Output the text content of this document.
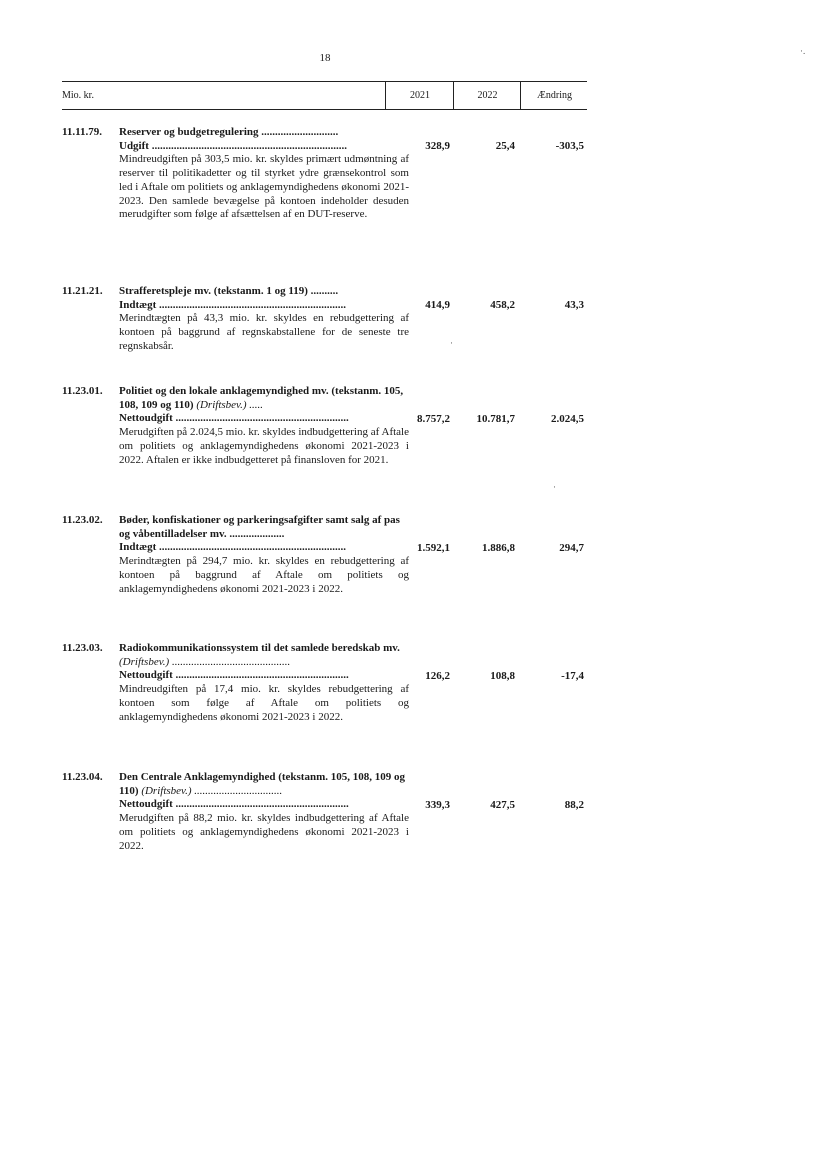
18
·.
·
·
Mio. kr.	2021	2022	Ændring
11.11.79. Reserver og budgetregulering ............................
Udgift .......................................................................
Mindreudgiften på 303,5 mio. kr. skyldes primært udmøntning af reserver til politikadetter og til styrket ydre grænsekontrol som led i Aftale om politiets og anklagemyndighedens økonomi 2021-2023. Den samlede bevægelse på kontoen indeholder desuden merudgifter som følge af afsættelsen af en DUT-reserve.
328,9	25,4	-303,5
11.21.21. Strafferetspleje mv. (tekstanm. 1 og 119) ..........
Indtægt ....................................................................
Merindtægten på 43,3 mio. kr. skyldes en rebudgettering af kontoen på baggrund af regnskabstallene for de seneste tre regnskabsår.
414,9	458,2	43,3
11.23.01. Politiet og den lokale anklagemyndighed mv. (tekstanm. 105, 108, 109 og 110) (Driftsbev.) .....
Nettoudgift ...............................................................
Merudgiften på 2.024,5 mio. kr. skyldes indbudgettering af Aftale om politiets og anklagemyndighedens økonomi 2021-2023 i 2022. Aftalen er ikke indbudgetteret på finansloven for 2021.
8.757,2	10.781,7	2.024,5
11.23.02. Bøder, konfiskationer og parkeringsafgifter samt salg af pas og våbentilladelser mv. ....................
Indtægt ....................................................................
Merindtægten på 294,7 mio. kr. skyldes en rebudgettering af kontoen på baggrund af Aftale om politiets og anklagemyndighedens økonomi 2021-2023 i 2022.
1.592,1	1.886,8	294,7
11.23.03. Radiokommunikationssystem til det samlede beredskab mv. (Driftsbev.) ...........................................
Nettoudgift ...............................................................
Mindreudgiften på 17,4 mio. kr. skyldes rebudgettering af kontoen som følge af Aftale om politiets og anklagemyndighedens økonomi 2021-2023 i 2022.
126,2	108,8	-17,4
11.23.04. Den Centrale Anklagemyndighed (tekstanm. 105, 108, 109 og 110) (Driftsbev.) ................................
Nettoudgift ...............................................................
Merudgiften på 88,2 mio. kr. skyldes indbudgettering af Aftale om politiets og anklagemyndighedens økonomi 2021-2023 i 2022.
339,3	427,5	88,2
